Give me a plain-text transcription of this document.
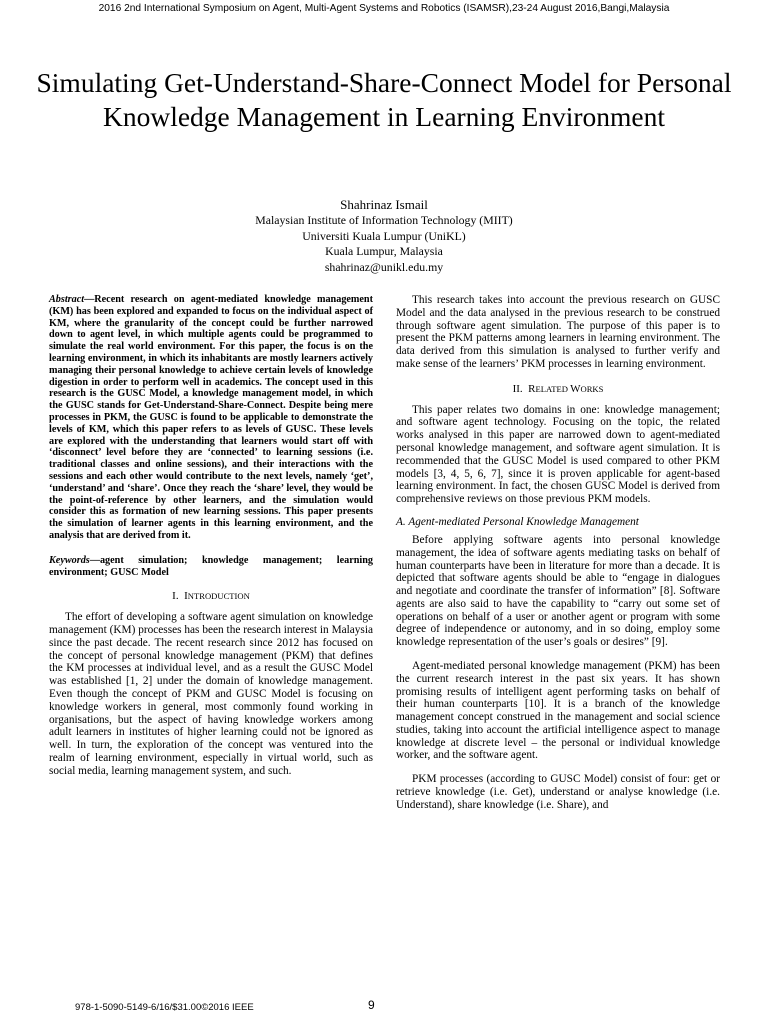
2016 2nd International Symposium on Agent, Multi-Agent Systems and Robotics (ISAMSR),23-24 August 2016,Bangi,Malaysia
Simulating Get-Understand-Share-Connect Model for Personal Knowledge Management in Learning Environment
Shahrinaz Ismail
Malaysian Institute of Information Technology (MIIT)
Universiti Kuala Lumpur (UniKL)
Kuala Lumpur, Malaysia
shahrinaz@unikl.edu.my
Abstract—Recent research on agent-mediated knowledge management (KM) has been explored and expanded to focus on the individual aspect of KM, where the granularity of the concept could be further narrowed down to agent level, in which multiple agents could be programmed to simulate the real world environment. For this paper, the focus is on the learning environment, in which its inhabitants are mostly learners actively managing their personal knowledge to achieve certain levels of knowledge digestion in order to perform well in academics. The concept used in this research is the GUSC Model, a knowledge management model, in which the GUSC stands for Get-Understand-Share-Connect. Despite being mere processes in PKM, the GUSC is found to be applicable to demonstrate the levels of KM, which this paper refers to as levels of GUSC. These levels are explored with the understanding that learners would start off with ‘disconnect’ level before they are ‘connected’ to learning sessions (i.e. traditional classes and online sessions), and their interactions with the sessions and each other would contribute to the next levels, namely ‘get’, ‘understand’ and ‘share’. Once they reach the ‘share’ level, they would be the point-of-reference by other learners, and the simulation would consider this as formation of new learning sessions. This paper presents the simulation of learner agents in this learning environment, and the analysis that are derived from it.
Keywords—agent simulation; knowledge management; learning environment; GUSC Model
I. INTRODUCTION

The effort of developing a software agent simulation on knowledge management (KM) processes has been the research interest in Malaysia since the past decade. The recent research since 2012 has focused on the concept of personal knowledge management (PKM) that defines the KM processes at individual level, and as a result the GUSC Model was established [1, 2] under the domain of knowledge management. Even though the concept of PKM and GUSC Model is focusing on knowledge workers in general, most commonly found working in organisations, but the aspect of having knowledge workers among adult learners in institutes of higher learning could not be ignored as well. In turn, the exploration of the concept was ventured into the realm of learning environment, especially in virtual world, such as social media, learning management system, and such.

This research takes into account the previous research on GUSC Model and the data analysed in the previous research to be construed through software agent simulation. The purpose of this paper is to present the PKM patterns among learners in learning environment. The data derived from this simulation is analysed to further verify and make sense of the learners’ PKM processes in learning environment.

II. RELATED WORKS

This paper relates two domains in one: knowledge management; and software agent technology. Focusing on the topic, the related works analysed in this paper are narrowed down to agent-mediated personal knowledge management, and software agent simulation. It is recommended that the GUSC Model is used compared to other PKM models [3, 4, 5, 6, 7], since it is proven applicable for agent-based learning environment. In fact, the chosen GUSC Model is derived from comprehensive reviews on those previous PKM models.

A. Agent-mediated Personal Knowledge Management

Before applying software agents into personal knowledge management, the idea of software agents mediating tasks on behalf of human counterparts have been in literature for more than a decade. It is depicted that software agents should be able to “engage in dialogues and negotiate and coordinate the transfer of information” [8]. Software agents are also said to have the capability to “carry out some set of operations on behalf of a user or another agent or program with some degree of independence or autonomy, and in so doing, employ some knowledge representation of the user’s goals or desires” [9].

Agent-mediated personal knowledge management (PKM) has been the current research interest in the past six years. It has shown promising results of intelligent agent performing tasks on behalf of their human counterparts [10]. It is a branch of the knowledge management concept construed in the management and social science studies, taking into account the artificial intelligence aspect to manage knowledge at discrete level – the personal or individual knowledge worker, and the software agent.

PKM processes (according to GUSC Model) consist of four: get or retrieve knowledge (i.e. Get), understand or analyse knowledge (i.e. Understand), share knowledge (i.e. Share), and

978-1-5090-5149-6/16/$31.00©2016 IEEE	9
